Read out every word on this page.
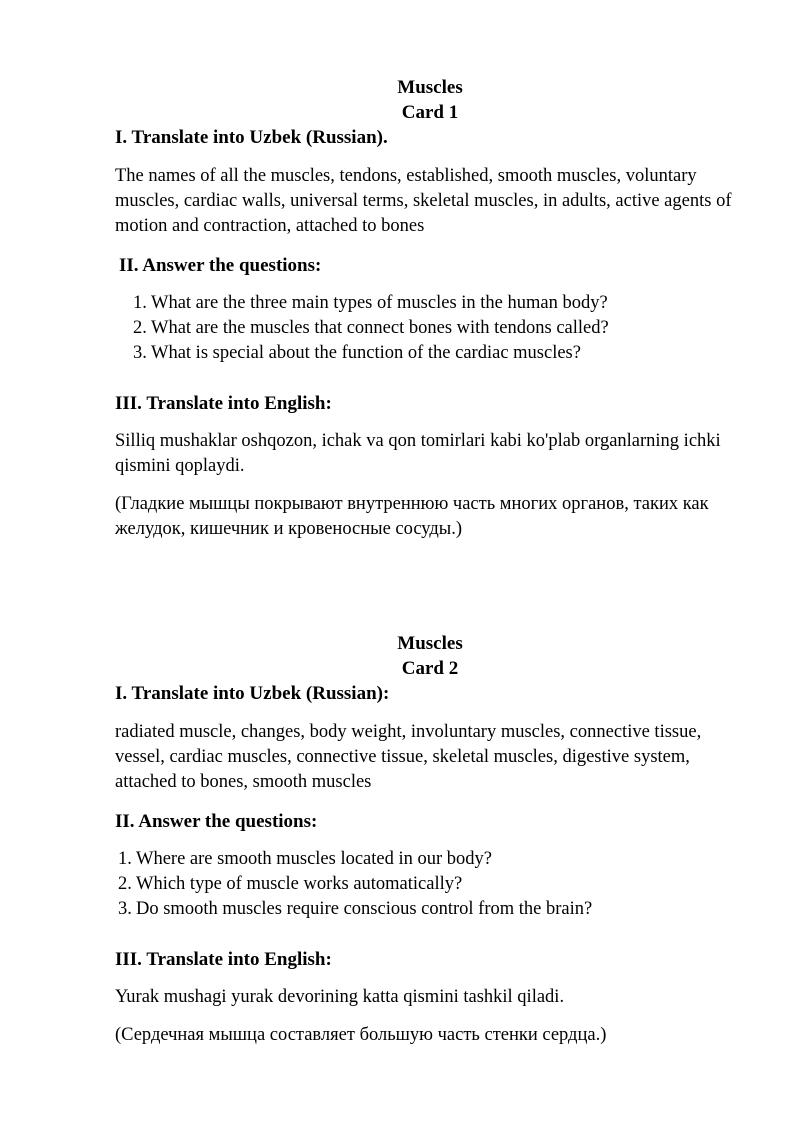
Muscles
Card 1
I. Translate into Uzbek (Russian).
The names of all the muscles, tendons, established, smooth muscles, voluntary muscles, cardiac walls, universal terms, skeletal muscles, in adults, active agents of motion and contraction, attached to bones
II. Answer the questions:
1. What are the three main types of muscles in the human body?
2. What are the muscles that connect bones with tendons called?
3. What is special about the function of the cardiac muscles?
III. Translate into English:
Silliq mushaklar oshqozon, ichak va qon tomirlari kabi ko'plab organlarning ichki qismini qoplaydi.
(Гладкие мышцы покрывают внутреннюю часть многих органов, таких как желудок, кишечник и кровеносные сосуды.)
Muscles
Card 2
I. Translate into Uzbek (Russian):
radiated muscle, changes, body weight, involuntary muscles, connective tissue, vessel, cardiac muscles, connective tissue, skeletal muscles, digestive system, attached to bones, smooth muscles
II. Answer the questions:
1. Where are smooth muscles located in our body?
2. Which type of muscle works automatically?
3. Do smooth muscles require conscious control from the brain?
III. Translate into English:
Yurak mushagi yurak devorining katta qismini tashkil qiladi.
(Сердечная мышца составляет большую часть стенки сердца.)
